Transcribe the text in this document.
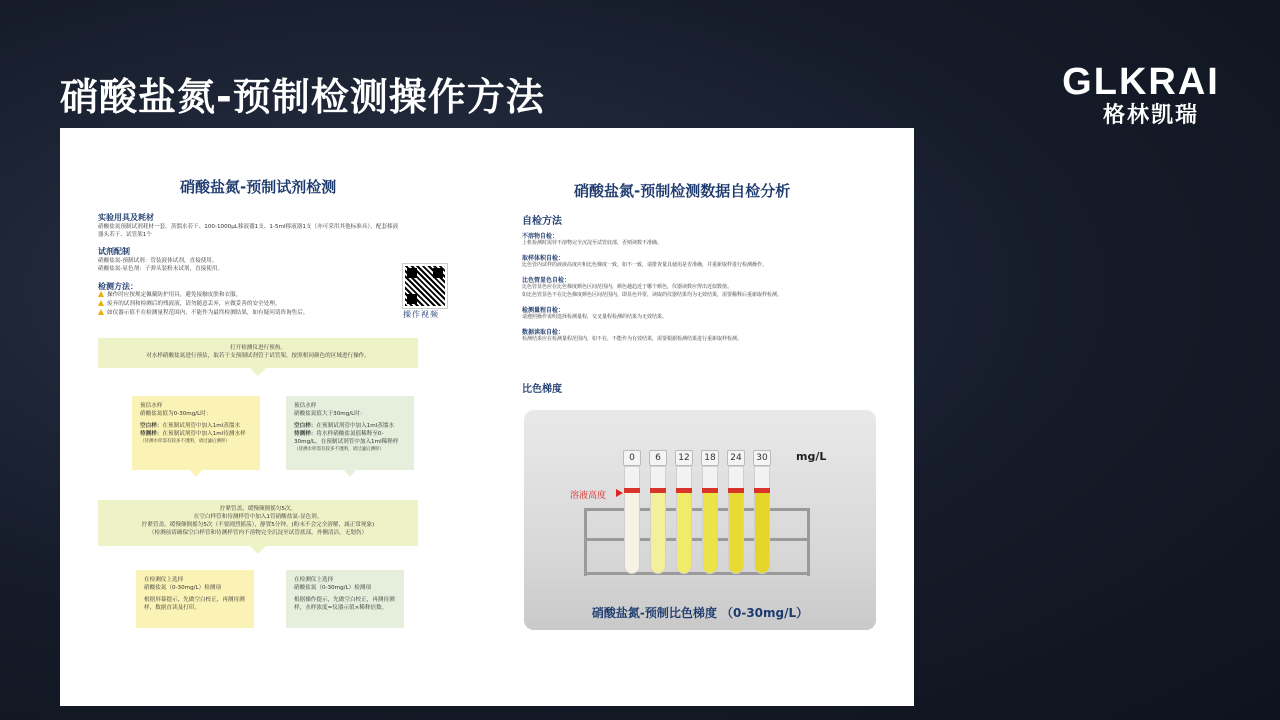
硝酸盐氮-预制检测操作方法	GLKRAI
格林凯瑞
硝酸盐氮-预制试剂检测
实验用具及耗材
硝酸盐氮预制试剂耗材一套、蒸馏水若干、100-1000μL移液器1支、1-5ml移液器1支（亦可采用其他标准具），配套移液器头若干、试管架1个
试剂配制
硝酸盐氮-预制试剂：管装液体试剂，直接使用。
硝酸盐氮-显色剂：子弹头装粉末试剂，直接使用。
检测方法：
操作时应按规定佩戴防护用具，避免接触皮肤和衣服。
废弃的试剂和检测后的残液液，请勿随意丢弃，应做妥善的安全处理。
如仪器示值不在检测量程范围内，不能作为最终检测结果，如有疑问请咨询售后。	操作视频
打开检测仪进行预热。
对水样硝酸盐氮进行预估，取若干支预制试剂管于试管架，按照相同颜色的区域进行操作。
预估水样
硝酸盐氮值为0-30mg/L时：
空白样：在预制试剂管中加入1ml蒸馏水
待测样：在预制试剂管中加入1ml待测水样
（待测水样需有较多不透明，请过滤后测样）
预估水样
硝酸盐氮值大于30mg/L时：
空白样：在预制试剂管中加入1ml蒸馏水
待测样：将水样硝酸盐氮值稀释至0-30mg/L，在预制试剂管中加入1ml稀释样
（待测水样需有较多不透明，请过滤后测样）
拧紧管盖，缓慢颠倒摇匀5次。
在空白样管和待测样管中加入1管硝酸盐氮-显色剂。
拧紧管盖，缓慢颠倒摇匀5次（不要剧烈摇荡），静置5分钟。(粉末不会完全溶解，属正常现象)
（检测前请确保空白样管和待测样管内不溶物完全沉淀至试管底部，外侧清洁，无划伤）
在检测仪上选择
硝酸盐氮（0-30mg/L）检测项
根据屏幕提示，先做空白校正，再测待测样，数据直读及打印。
在检测仪上选择
硝酸盐氮（0-30mg/L）检测项
根据操作提示，先做空白校正，再测待测样，水样浓度=仪器示值×稀释倍数。
硝酸盐氮-预制检测数据自检分析
自检方法
不溶物自检：
上机检测时需待不溶物完全沉淀至试管底部，否则读数不准确。
取样体积自检：
比色管内试样的液液高度应和比色梯度一致，如不一致，请排查量具使用是否准确，并重新取样进行检测操作。
比色管显色自检：
比色管显色应在比色梯度颜色区间范围内，颜色越趋近于哪个颜色，仪器读数应得出近似数值。
如比色管显色不在比色梯度颜色区间范围内，即显色异常，读取的仪器结果均为无效结果，需要稀释后重新取样检测。
检测量程自检：
请遵照操作说明选择检测量程，交叉量程检测的结果为无效结果。
数据读取自检：
检测结果应在检测量程范围内，如不在，不能作为有效结果，需要根据检测结果进行重新取样检测。
比色梯度
0	6	12	18	24	30	mg/L
溶液高度
硝酸盐氮-预制比色梯度 （0-30mg/L）
